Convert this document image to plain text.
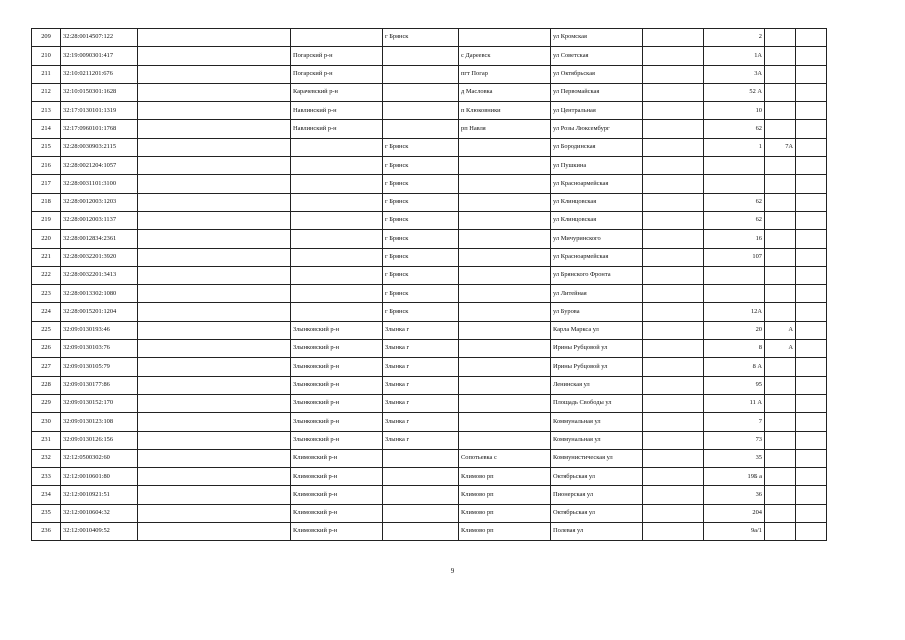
209	32:28:0014507:122			г Брянск		ул Кромская		2		
210	32:19:0090301:417		Погарский р-н		с Дареевск	ул Советская		1А		
211	32:10:0211201:676		Погарский р-н		пгт Погар	ул Октябрьская		3А		
212	32:10:0150301:1628		Карачевский р-н		д Масловка	ул Первомайская		52 А		
213	32:17:0130101:1319		Навлинский р-н		п Клюковники	ул Центральная		10		
214	32:17:0960101:1768		Навлинский р-н		рп Навля	ул Розы Люксембург		62		
215	32:28:0030903:2115			г Брянск		ул Бородинская		1	7А	
216	32:28:0021204:1057			г Брянск		ул Пушкина				
217	32:28:0031101:3100			г Брянск		ул Красноармейская				
218	32:28:0012003:1203			г Брянск		ул Клинцовская		62		
219	32:28:0012003:1137			г Брянск		ул Клинцовская		62		
220	32:28:0012834:2361			г Брянск		ул Мичуринского		16		
221	32:28:0032201:3920			г Брянск		ул Красноармейская		107		
222	32:28:0032201:3413			г Брянск		ул Брянского Фронта				
223	32:28:0013302:1080			г Брянск		ул Литейная				
224	32:28:0015201:1204			г Брянск		ул Бурова		12А		
225	32:09:0130193:46		Злынковский р-н	Злынка г		Карла Маркса ул		20	А	
226	32:09:0130103:76		Злынковский р-н	Злынка г		Ирины Рубцовой ул		8	А	
227	32:09:0130105:79		Злынковский р-н	Злынка г		Ирины Рубцовой ул		8 А		
228	32:09:0130177:86		Злынковский р-н	Злынка г		Ленинская ул		95		
229	32:09:0130152:170		Злынковский р-н	Злынка г		Площадь Свободы ул		11 А		
230	32:09:0130123:108		Злынковский р-н	Злынка г		Коммунальная ул		7		
231	32:09:0130126:156		Злынковский р-н	Злынка г		Коммунальная ул		73		
232	32:12:0500302:60		Климовский р-н		Сопотьевка с	Коммунистическая ул		35		
233	32:12:0010601:80		Климовский р-н		Климово рп	Октябрьская ул		19Б а		
234	32:12:0010921:51		Климовский р-н		Климово рп	Пионерская ул		36		
235	32:12:0010604:32		Климовский р-н		Климово рп	Октябрьская ул		204		
236	32:12:0010409:52		Климовский р-н		Климово рп	Полевая ул		9а/1		
9
